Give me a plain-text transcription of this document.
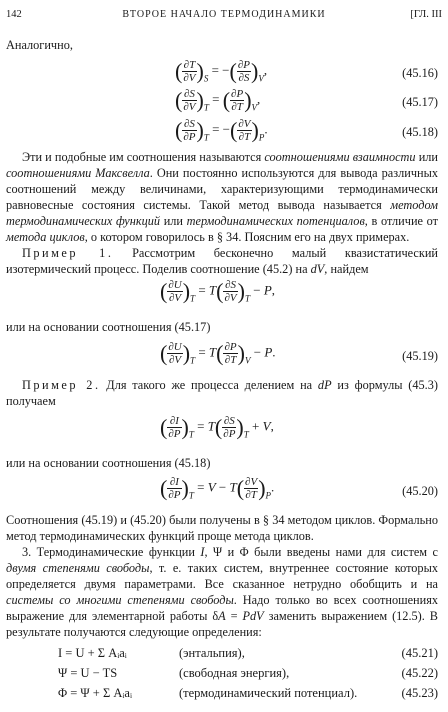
142	ВТОРОЕ НАЧАЛО ТЕРМОДИНАМИКИ	[ГЛ. III

Аналогично,

( $\frac{\partial T}{\partial V} )_S$ = −( $\frac{\partial P}{\partial S} )_V$,	(45.16)
( $\frac{\partial S}{\partial V} )_T$ = ( $\frac{\partial P}{\partial T} )_V$,	(45.17)
( $\frac{\partial S}{\partial P} )_T$ = −( $\frac{\partial V}{\partial T} )_P$.	(45.18)

Эти и подобные им соотношения называются соотношениями взаимности или соотношениями Максвелла. Они постоянно используются для вывода различных соотношений между величинами, характеризующими термодинамически равновесные состояния системы. Такой метод вывода называется методом термодинамических функций или термодинамических потенциалов, в отличие от метода циклов, о котором говорилось в § 34. Поясним его на двух примерах.

Пример 1. Рассмотрим бесконечно малый квазистатический изотермический процесс. Поделив соотношение (45.2) на dV, найдем

( $\frac{\partial U}{\partial V} )_T = T( \frac{\partial S}{\partial V} )_T - P$,

или на основании соотношения (45.17)

( $\frac{\partial U}{\partial V} )_T = T( \frac{\partial P}{\partial T} )_V - P$.	(45.19)

Пример 2. Для такого же процесса делением на dP из формулы (45.3) получаем

( $\frac{\partial I}{\partial P} )_T = T( \frac{\partial S}{\partial P} )_T + V$,

или на основании соотношения (45.18)

( $\frac{\partial I}{\partial P} )_T = V - T( \frac{\partial V}{\partial T} )_P$.	(45.20)

Соотношения (45.19) и (45.20) были получены в § 34 методом циклов. Формально метод термодинамических функций проще метода циклов.

3. Термодинамические функции I, Ψ и Φ были введены нами для систем с двумя степенями свободы, т. е. таких систем, внутреннее состояние которых определяется двумя параметрами. Все сказанное нетрудно обобщить и на системы со многими степенями свободы. Надо только во всех соотношениях выражение для элементарной работы δA = PdV заменить выражением (12.5). В результате получаются следующие определения:

I = U + Σ Aᵢaᵢ	(энтальпия),	(45.21)
Ψ = U − TS	(свободная энергия),	(45.22)
Φ = Ψ + Σ Aᵢaᵢ	(термодинамический потенциал).	(45.23)
